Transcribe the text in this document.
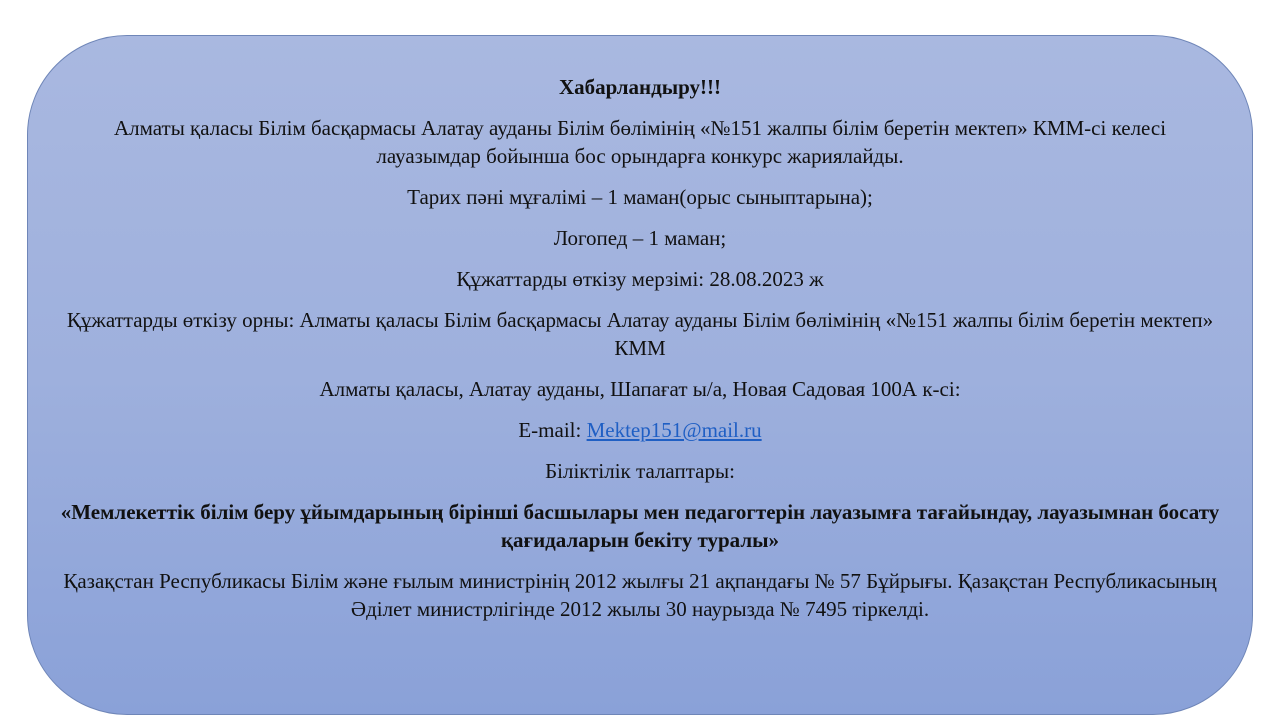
Хабарландыру!!!

Алматы қаласы Білім басқармасы Алатау ауданы Білім бөлімінің «№151 жалпы білім беретін мектеп» КММ-сі келесі лауазымдар бойынша бос орындарға конкурс жариялайды.

Тарих пәні мұғалімі – 1 маман(орыс сыныптарына);

Логопед – 1 маман;

Құжаттарды өткізу мерзімі: 28.08.2023 ж

Құжаттарды өткізу орны: Алматы қаласы Білім басқармасы Алатау ауданы Білім бөлімінің «№151 жалпы білім беретін мектеп» КММ

Алматы қаласы, Алатау ауданы, Шапағат ы/а, Новая Садовая 100А к-сі:

E-mail: Mektep151@mail.ru

Біліктілік талаптары:

«Мемлекеттік білім беру ұйымдарының бірінші басшылары мен педагогтерін лауазымға тағайындау, лауазымнан босату қағидаларын бекіту туралы»

Қазақстан Республикасы Білім және ғылым министрінің 2012 жылғы 21 ақпандағы № 57 Бұйрығы. Қазақстан Республикасының Әділет министрлігінде 2012 жылы 30 наурызда № 7495 тіркелді.
